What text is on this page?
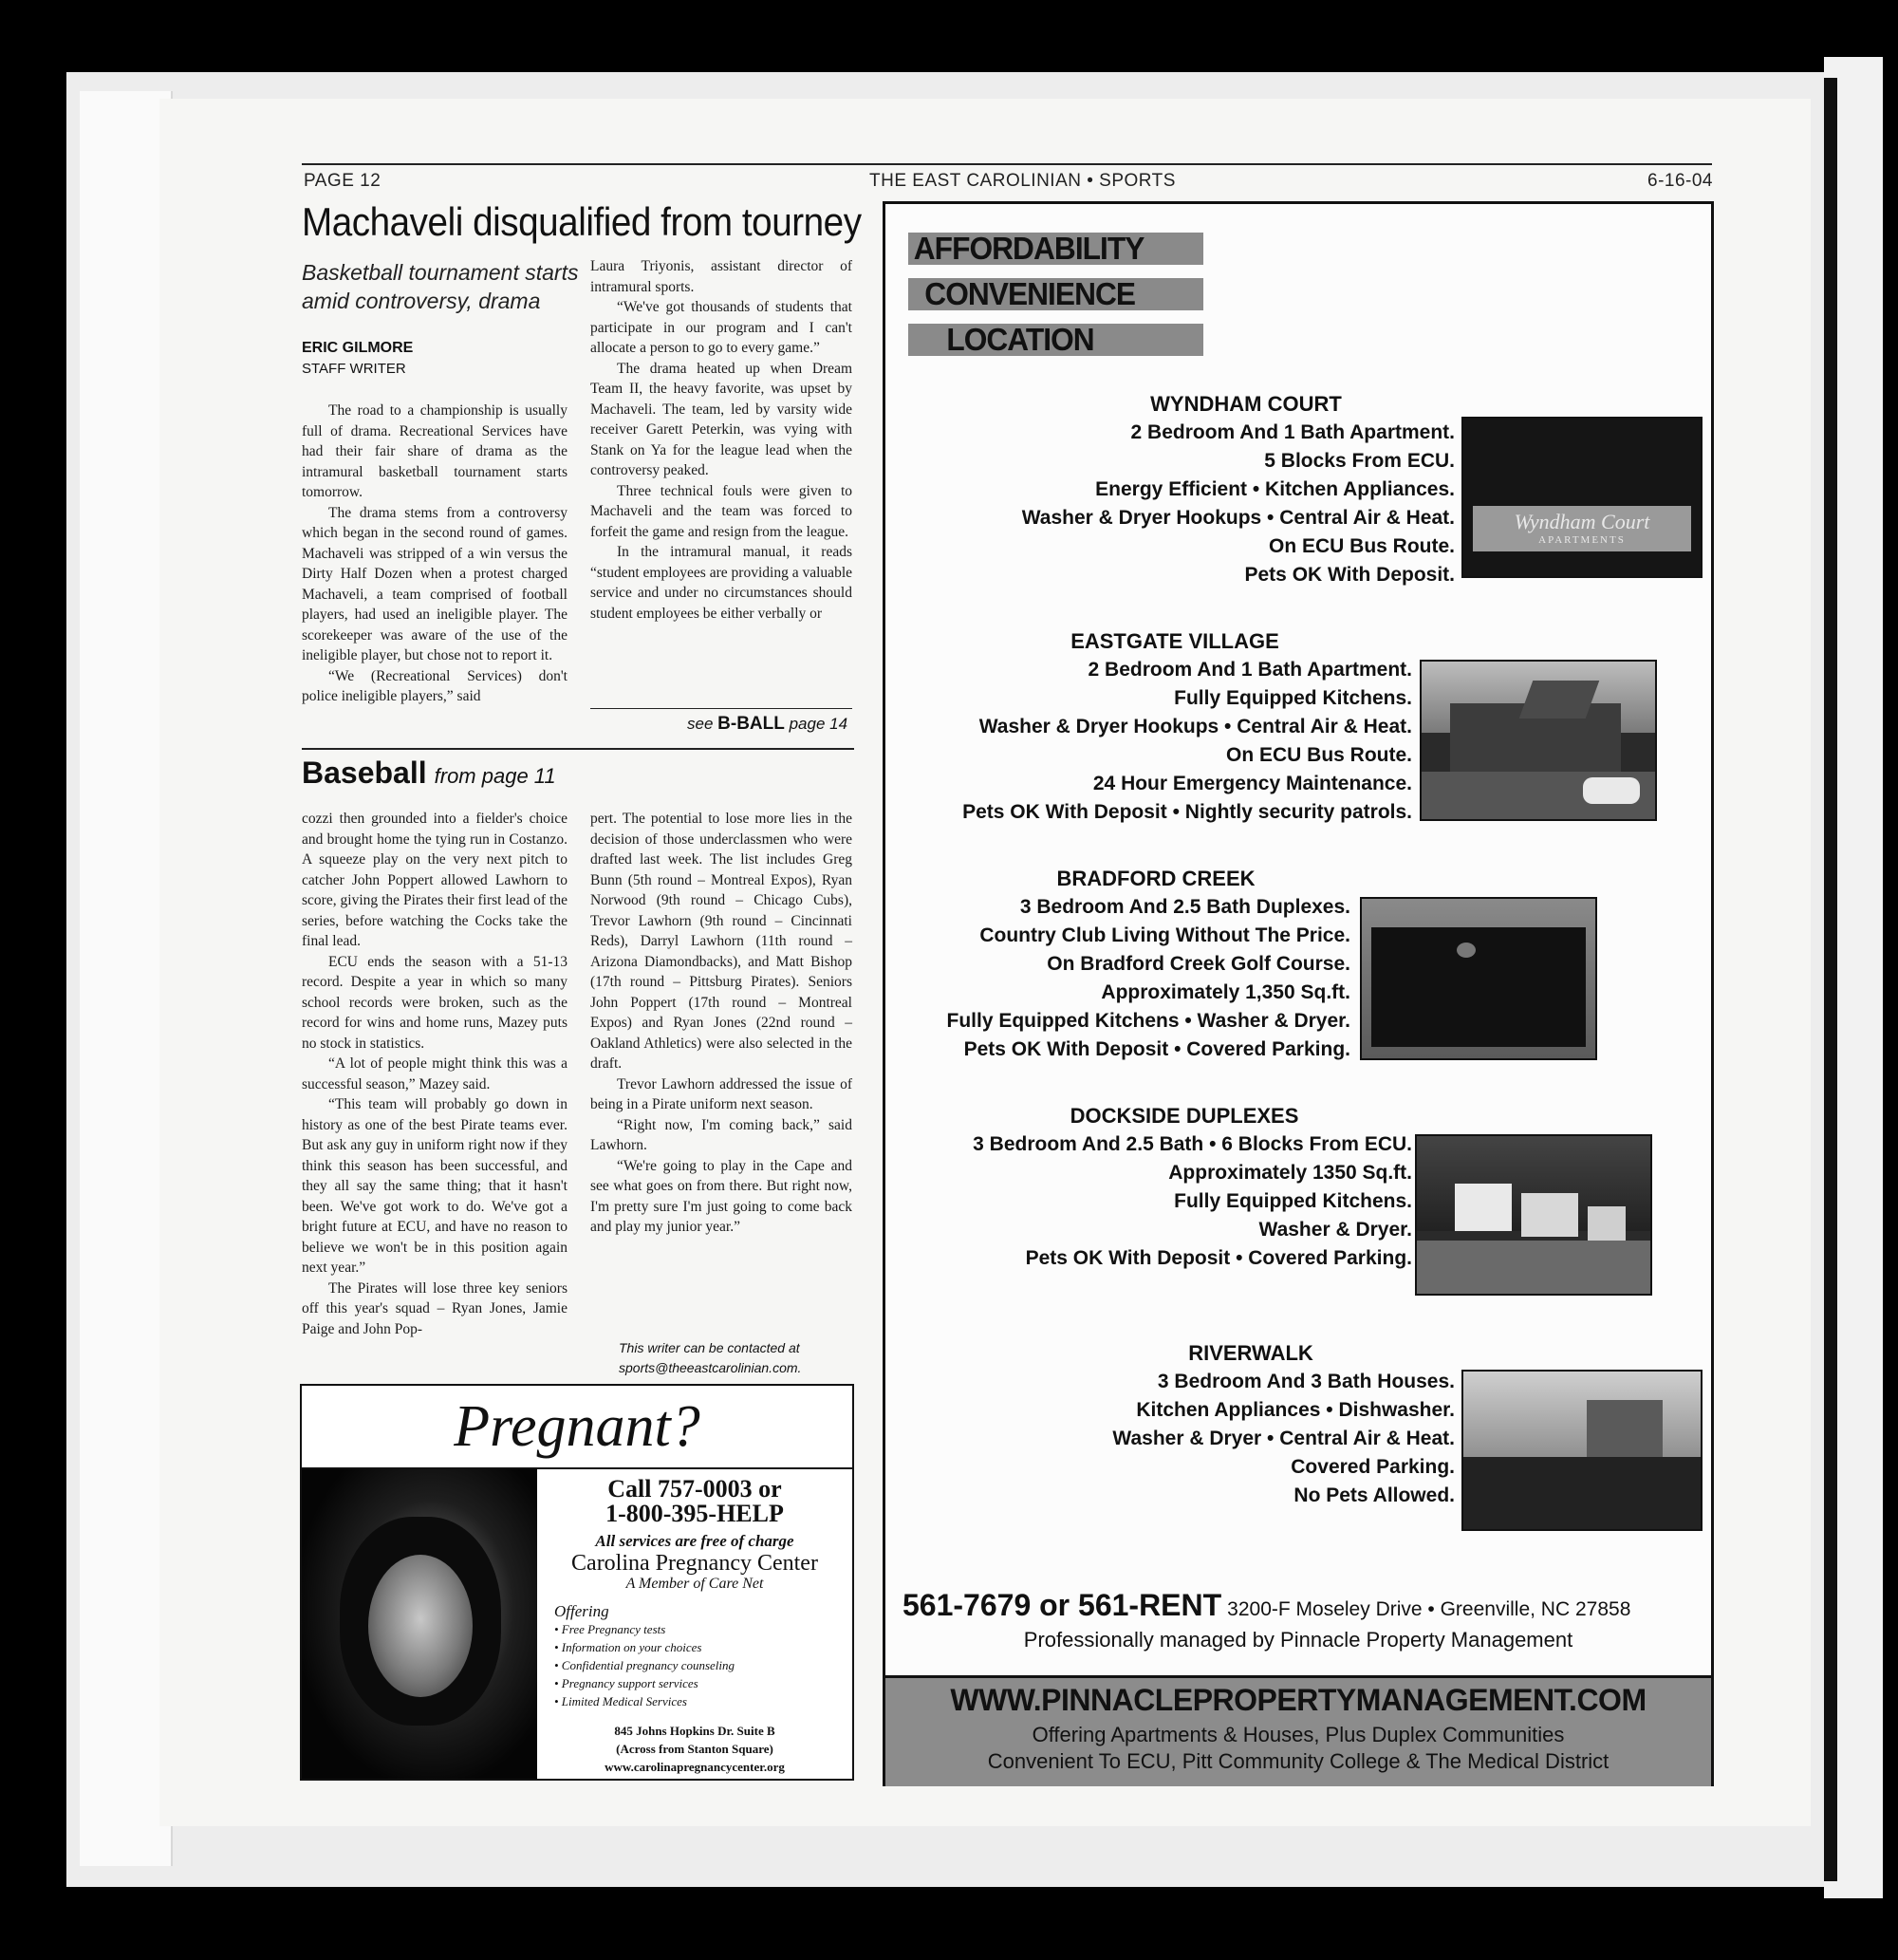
PAGE 12	THE EAST CAROLINIAN • SPORTS	6-16-04
Machaveli disqualified from tourney
Basketball tournament starts amid controversy, drama
ERIC GILMORE
STAFF WRITER

The road to a championship is usually full of drama. Recreational Services have had their fair share of drama as the intramural basketball tournament starts tomorrow.

The drama stems from a controversy which began in the second round of games. Machaveli was stripped of a win versus the Dirty Half Dozen when a protest charged Machaveli, a team comprised of football players, had used an ineligible player. The scorekeeper was aware of the use of the ineligible player, but chose not to report it.

“We (Recreational Services) don't police ineligible players,” said

Laura Triyonis, assistant director of intramural sports.

“We've got thousands of students that participate in our program and I can't allocate a person to go to every game.”

The drama heated up when Dream Team II, the heavy favorite, was upset by Machaveli. The team, led by varsity wide receiver Garett Peterkin, was vying with Stank on Ya for the league lead when the controversy peaked.

Three technical fouls were given to Machaveli and the team was forced to forfeit the game and resign from the league.

In the intramural manual, it reads “student employees are providing a valuable service and under no circumstances should student employees be either verbally or

see B-BALL page 14
Baseball from page 11

cozzi then grounded into a fielder's choice and brought home the tying run in Costanzo. A squeeze play on the very next pitch to catcher John Poppert allowed Lawhorn to score, giving the Pirates their first lead of the series, before watching the Cocks take the final lead.

ECU ends the season with a 51-13 record. Despite a year in which so many school records were broken, such as the record for wins and home runs, Mazey puts no stock in statistics.

“A lot of people might think this was a successful season,” Mazey said.

“This team will probably go down in history as one of the best Pirate teams ever. But ask any guy in uniform right now if they think this season has been successful, and they all say the same thing; that it hasn't been. We've got work to do. We've got a bright future at ECU, and have no reason to believe we won't be in this position again next year.”

The Pirates will lose three key seniors off this year's squad – Ryan Jones, Jamie Paige and John Pop-

pert. The potential to lose more lies in the decision of those underclassmen who were drafted last week. The list includes Greg Bunn (5th round – Montreal Expos), Ryan Norwood (9th round – Chicago Cubs), Trevor Lawhorn (9th round – Cincinnati Reds), Darryl Lawhorn (11th round – Arizona Diamondbacks), and Matt Bishop (17th round – Pittsburg Pirates). Seniors John Poppert (17th round – Montreal Expos) and Ryan Jones (22nd round – Oakland Athletics) were also selected in the draft.

Trevor Lawhorn addressed the issue of being in a Pirate uniform next season.

“Right now, I'm coming back,” said Lawhorn.

“We're going to play in the Cape and see what goes on from there. But right now, I'm pretty sure I'm just going to come back and play my junior year.”

This writer can be contacted at
sports@theeastcarolinian.com.
Pregnant?
Call 757-0003 or
1-800-395-HELP
All services are free of charge
Carolina Pregnancy Center
A Member of Care Net
Offering
• Free Pregnancy tests
• Information on your choices
• Confidential pregnancy counseling
• Pregnancy support services
• Limited Medical Services
845 Johns Hopkins Dr. Suite B
(Across from Stanton Square)
www.carolinapregnancycenter.org
AFFORDABILITY
CONVENIENCE
LOCATION
WYNDHAM COURT
2 Bedroom And 1 Bath Apartment.
5 Blocks From ECU.
Energy Efficient • Kitchen Appliances.
Washer & Dryer Hookups • Central Air & Heat.
On ECU Bus Route.
Pets OK With Deposit.
Wyndham Court
APARTMENTS
EASTGATE VILLAGE
2 Bedroom And 1 Bath Apartment.
Fully Equipped Kitchens.
Washer & Dryer Hookups • Central Air & Heat.
On ECU Bus Route.
24 Hour Emergency Maintenance.
Pets OK With Deposit • Nightly security patrols.
BRADFORD CREEK
3 Bedroom And 2.5 Bath Duplexes.
Country Club Living Without The Price.
On Bradford Creek Golf Course.
Approximately 1,350 Sq.ft.
Fully Equipped Kitchens • Washer & Dryer.
Pets OK With Deposit • Covered Parking.
DOCKSIDE DUPLEXES
3 Bedroom And 2.5 Bath • 6 Blocks From ECU.
Approximately 1350 Sq.ft.
Fully Equipped Kitchens.
Washer & Dryer.
Pets OK With Deposit • Covered Parking.
RIVERWALK
3 Bedroom And 3 Bath Houses.
Kitchen Appliances • Dishwasher.
Washer & Dryer • Central Air & Heat.
Covered Parking.
No Pets Allowed.
561-7679 or 561-RENT 3200-F Moseley Drive • Greenville, NC 27858
Professionally managed by Pinnacle Property Management
WWW.PINNACLEPROPERTYMANAGEMENT.COM
Offering Apartments & Houses, Plus Duplex Communities
Convenient To ECU, Pitt Community College & The Medical District
